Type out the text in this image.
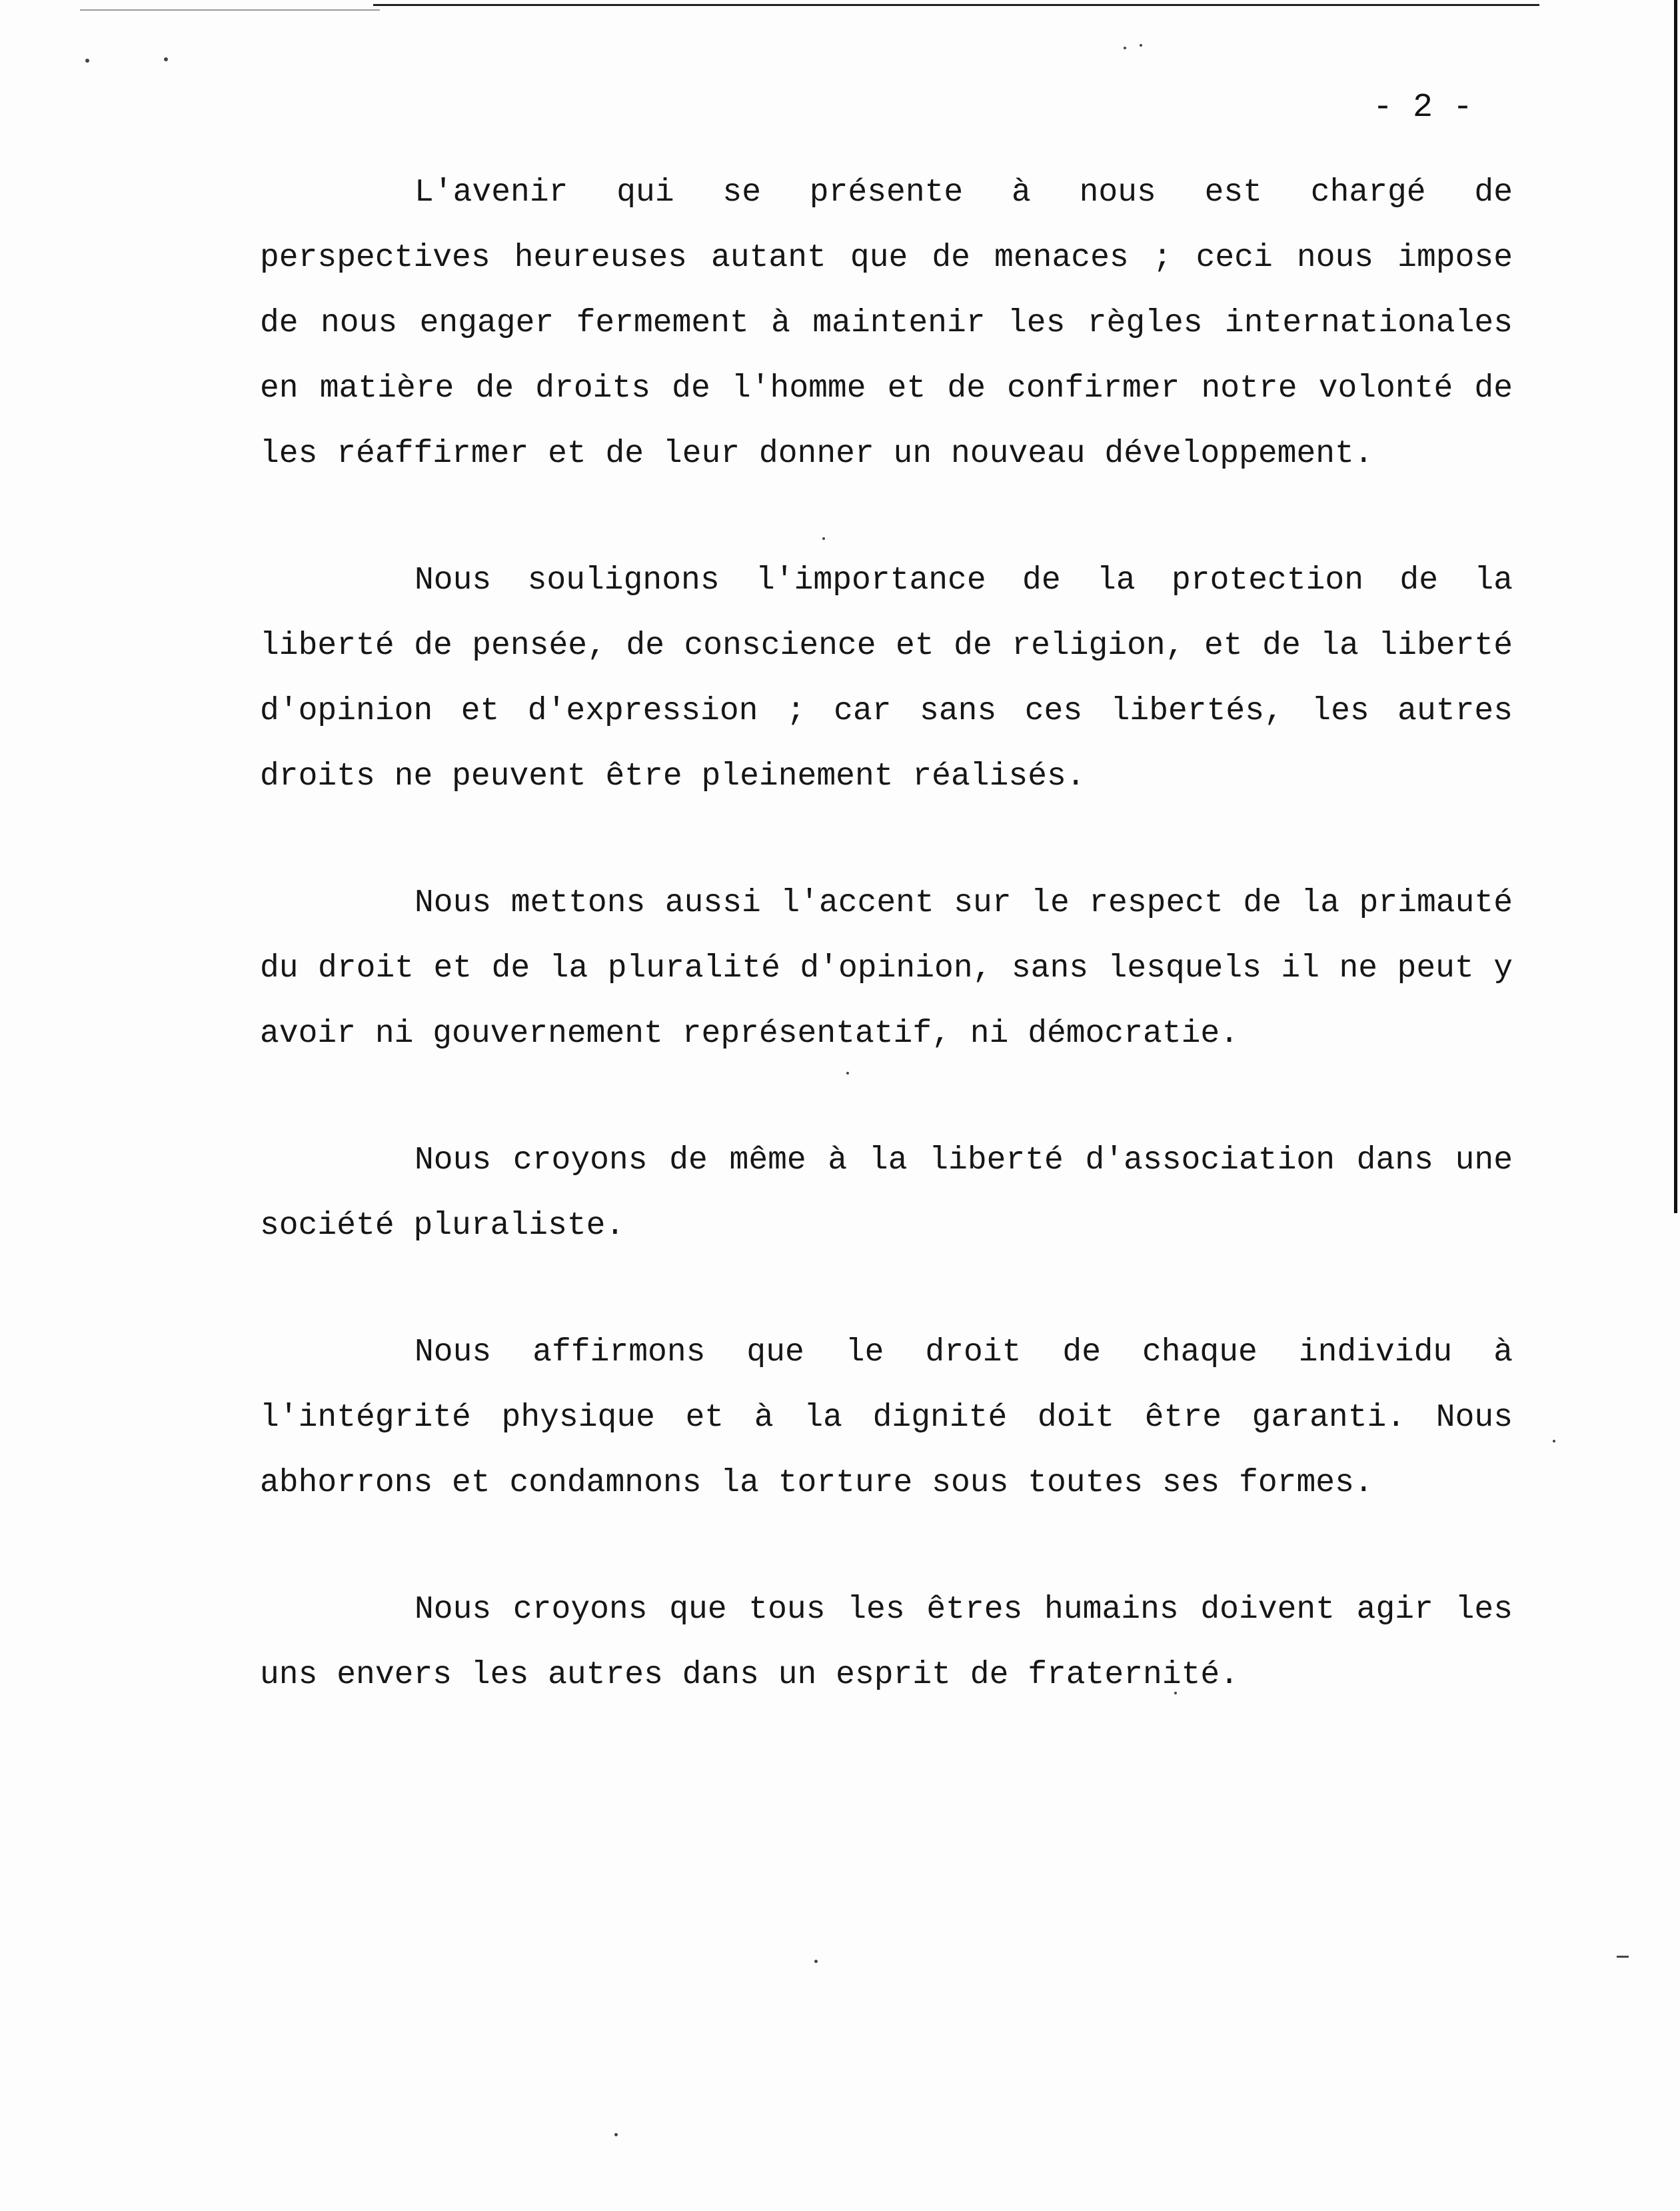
- 2 -

L'avenir qui se présente à nous est chargé de perspectives heureuses autant que de menaces ; ceci nous impose de nous engager fermement à maintenir les règles internationales en matière de droits de l'homme et de confirmer notre volonté de les réaffirmer et de leur donner un nouveau développement.

Nous soulignons l'importance de la protection de la liberté de pensée, de conscience et de religion, et de la liberté d'opinion et d'expression ; car sans ces libertés, les autres droits ne peuvent être pleinement réalisés.

Nous mettons aussi l'accent sur le respect de la primauté du droit et de la pluralité d'opinion, sans lesquels il ne peut y avoir ni gouvernement représentatif, ni démocratie.

Nous croyons de même à la liberté d'association dans une société pluraliste.

Nous affirmons que le droit de chaque individu à l'intégrité physique et à la dignité doit être garanti. Nous abhorrons et condamnons la torture sous toutes ses formes.

Nous croyons que tous les êtres humains doivent agir les uns envers les autres dans un esprit de fraternité.
